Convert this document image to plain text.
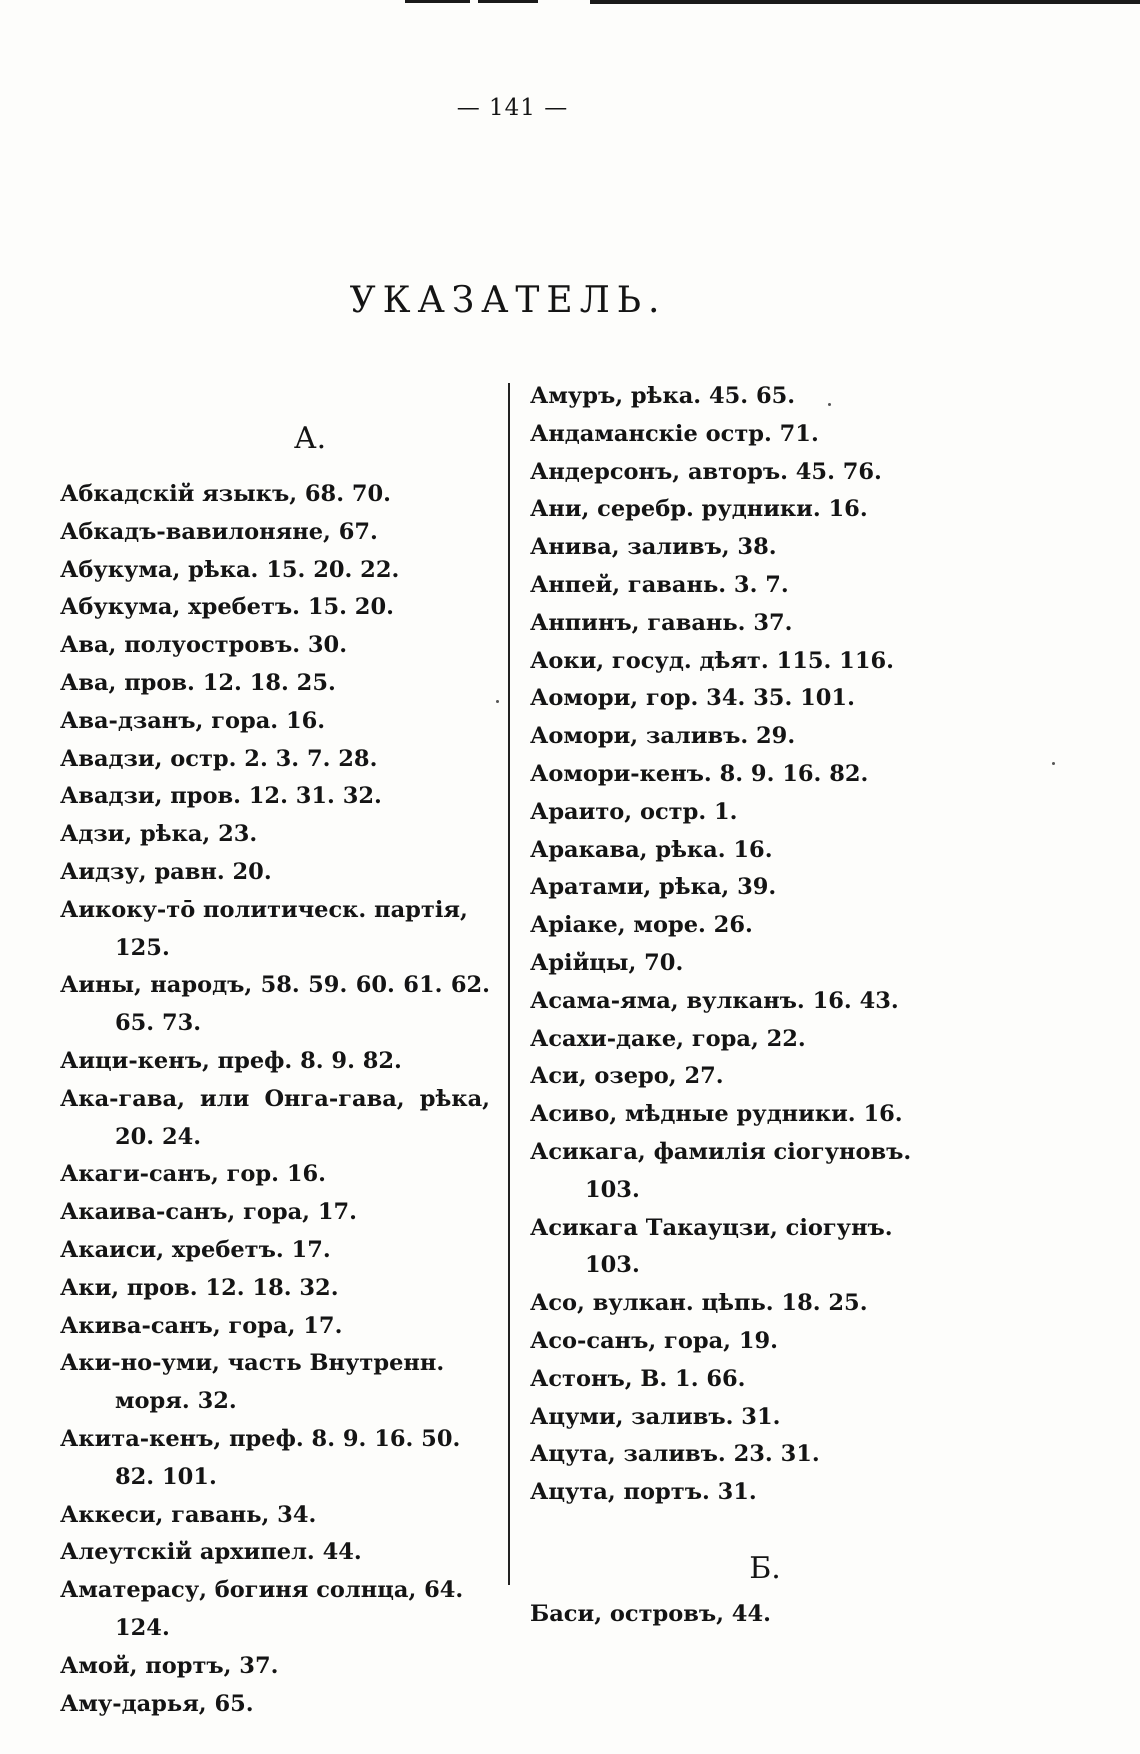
— 141 —
УКАЗАТЕЛЬ.
А.
Абкадскій языкъ, 68. 70.
Абкадъ-вавилоняне, 67.
Абукума, рѣка. 15. 20. 22.
Абукума, хребетъ. 15. 20.
Ава, полуостровъ. 30.
Ава, пров. 12. 18. 25.
Ава-дзанъ, гора. 16.
Авадзи, остр. 2. 3. 7. 28.
Авадзи, пров. 12. 31. 32.
Адзи, рѣка, 23.
Аидзу, равн. 20.
Аикоку-тō политическ. партія, 125.
Аины, народъ, 58. 59. 60. 61. 62. 65. 73.
Аици-кенъ, преф. 8. 9. 82.
Ака-гава, или Онга-гава, рѣка, 20. 24.
Акаги-санъ, гор. 16.
Акаива-санъ, гора, 17.
Акаиси, хребетъ. 17.
Аки, пров. 12. 18. 32.
Акива-санъ, гора, 17.
Аки-но-уми, часть Внутренн. моря. 32.
Акита-кенъ, преф. 8. 9. 16. 50. 82. 101.
Аккеси, гавань, 34.
Алеутскій архипел. 44.
Аматерасу, богиня солнца, 64. 124.
Амой, портъ, 37.
Аму-дарья, 65.
Амуръ, рѣка. 45. 65.
Андаманскіе остр. 71.
Андерсонъ, авторъ. 45. 76.
Ани, серебр. рудники. 16.
Анива, заливъ, 38.
Анпей, гавань. 3. 7.
Анпинъ, гавань. 37.
Аоки, госуд. дѣят. 115. 116.
Аомори, гор. 34. 35. 101.
Аомори, заливъ. 29.
Аомори-кенъ. 8. 9. 16. 82.
Араито, остр. 1.
Аракава, рѣка. 16.
Аратами, рѣка, 39.
Аріаке, море. 26.
Арійцы, 70.
Асама-яма, вулканъ. 16. 43.
Асахи-даке, гора, 22.
Аси, озеро, 27.
Асиво, мѣдные рудники. 16.
Асикага, фамилія сіогуновъ. 103.
Асикага Такауцзи, сіогунъ. 103.
Асо, вулкан. цѣпь. 18. 25.
Асо-санъ, гора, 19.
Астонъ, В. 1. 66.
Ацуми, заливъ. 31.
Ацута, заливъ. 23. 31.
Ацута, портъ. 31.
Б.
Баси, островъ, 44.
